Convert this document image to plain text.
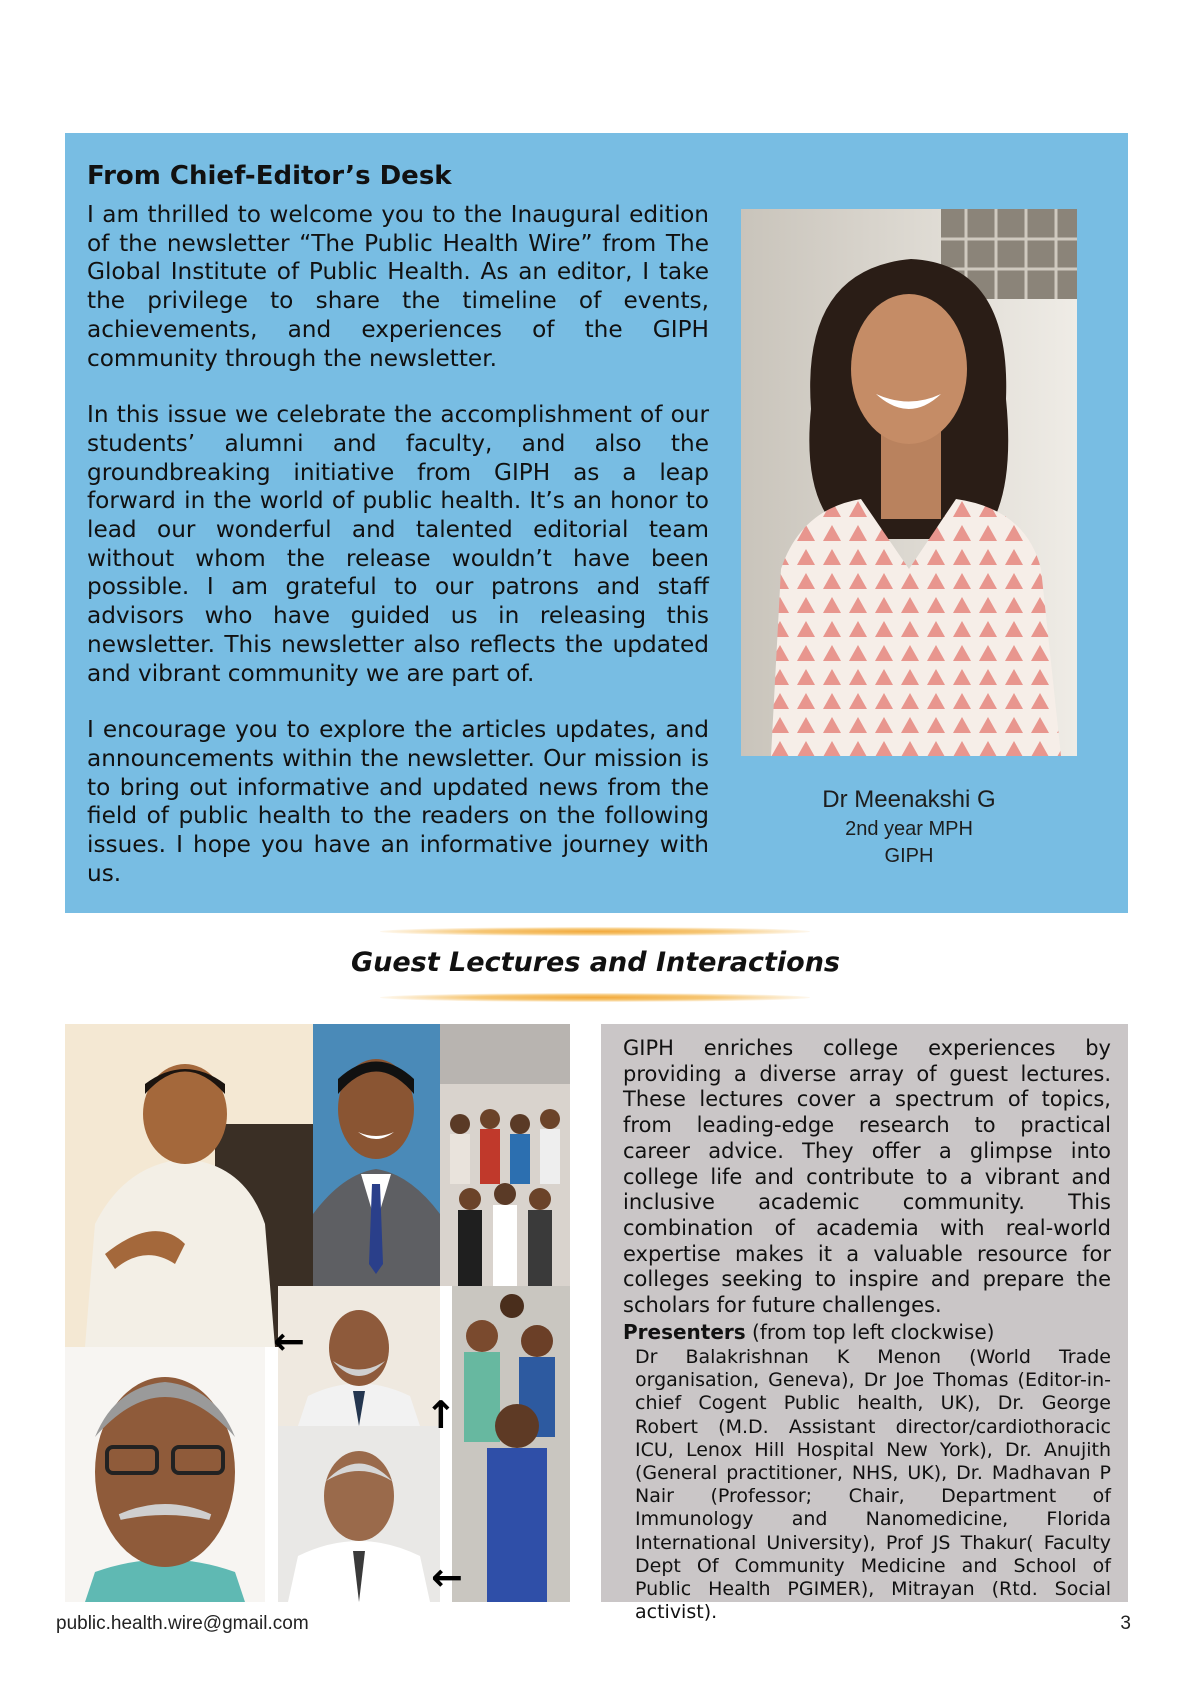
From Chief-Editor’s Desk

I am thrilled to welcome you to the Inaugural edition of the newsletter “The Public Health Wire” from The Global Institute of Public Health. As an editor, I take the privilege to share the timeline of events, achievements, and experiences of the GIPH community through the newsletter.

In this issue we celebrate the accomplishment of our students’ alumni and faculty, and also the groundbreaking initiative from GIPH as a leap forward in the world of public health. It’s an honor to lead our wonderful and talented editorial team without whom the release wouldn’t have been possible. I am grateful to our patrons and staff advisors who have guided us in releasing this newsletter. This newsletter also reflects the updated and vibrant community we are part of.

I encourage you to explore the articles updates, and announcements within the newsletter. Our mission is to bring out informative and updated news from the field of public health to the readers on the following issues. I hope you have an informative journey with us.

Dr Meenakshi G
2nd year MPH
GIPH
Guest Lectures and Interactions
←
↑
←

GIPH enriches college experiences by providing a diverse array of guest lectures. These lectures cover a spectrum of topics, from leading-edge research to practical career advice. They offer a glimpse into college life and contribute to a vibrant and inclusive academic community. This combination of academia with real-world expertise makes it a valuable resource for colleges seeking to inspire and prepare the scholars for future challenges.

Presenters (from top left clockwise)

Dr Balakrishnan K Menon (World Trade organisation, Geneva), Dr Joe Thomas (Editor-in-chief Cogent Public health, UK), Dr. George Robert (M.D. Assistant director/cardiothoracic ICU, Lenox Hill Hospital New York), Dr. Anujith (General practitioner, NHS, UK), Dr. Madhavan P Nair (Professor; Chair, Department of Immunology and Nanomedicine, Florida International University), Prof JS Thakur( Faculty Dept Of Community Medicine and School of Public Health PGIMER), Mitrayan (Rtd. Social activist).

public.health.wire@gmail.com	3
